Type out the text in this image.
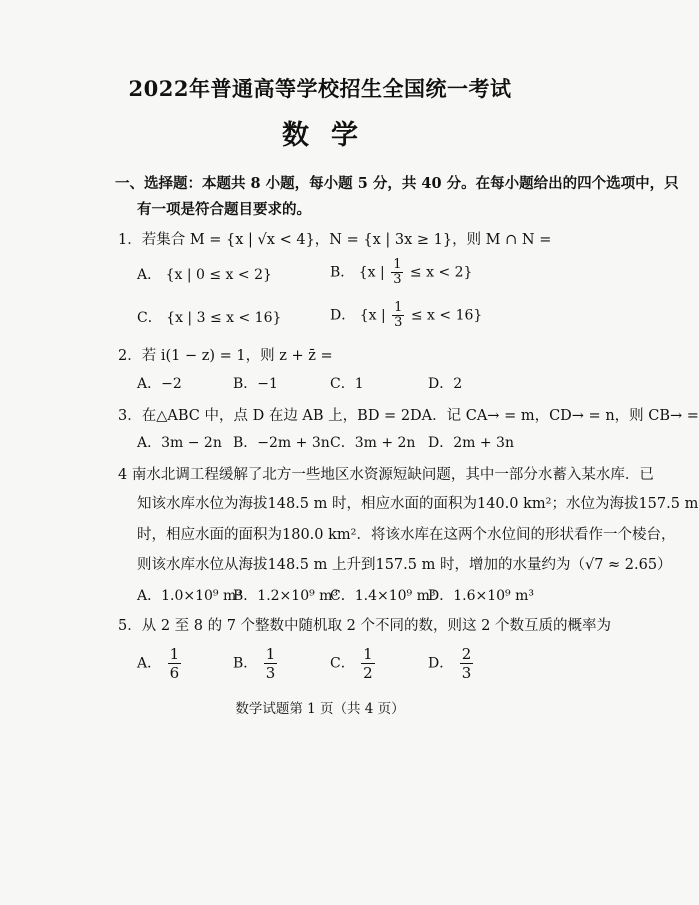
2022年普通高等学校招生全国统一考试
数学
一、选择题：本题共 8 小题，每小题 5 分，共 40 分。在每小题给出的四个选项中，只
有一项是符合题目要求的。
1．若集合 M = {x | √x < 4}，N = {x | 3x ≥ 1}，则 M ∩ N =
A． {x | 0 ≤ x < 2}	B． {x | $\frac{1}{3} \le x < 2$}
C． {x | 3 ≤ x < 16}	D． {x | $\frac{1}{3} \le x < 16$}
2．若 i(1 − z) = 1，则 z + z̄ =
A．−2	B．−1	C．1	D．2
3．在△ABC 中，点 D 在边 AB 上，BD = 2DA．记 CA→ = m，CD→ = n，则 CB→ =
A．3m − 2n B．−2m + 3n C．3m + 2n D．2m + 3n
4 南水北调工程缓解了北方一些地区水资源短缺问题，其中一部分水蓄入某水库．已
知该水库水位为海拔148.5 m 时，相应水面的面积为140.0 km²；水位为海拔157.5 m
时，相应水面的面积为180.0 km²．将该水库在这两个水位间的形状看作一个棱台，
则该水库水位从海拔148.5 m 上升到157.5 m 时，增加的水量约为（√7 ≈ 2.65）
A．1.0×10⁹ m³
B．1.2×10⁹ m³
C．1.4×10⁹ m³
D．1.6×10⁹ m³
5．从 2 至 8 的 7 个整数中随机取 2 个不同的数，则这 2 个数互质的概率为
A． $\frac{1}{6}$	B． $\frac{1}{3}$	C． $\frac{1}{2}$	D． $\frac{2}{3}$
数学试题第 1 页（共 4 页）
